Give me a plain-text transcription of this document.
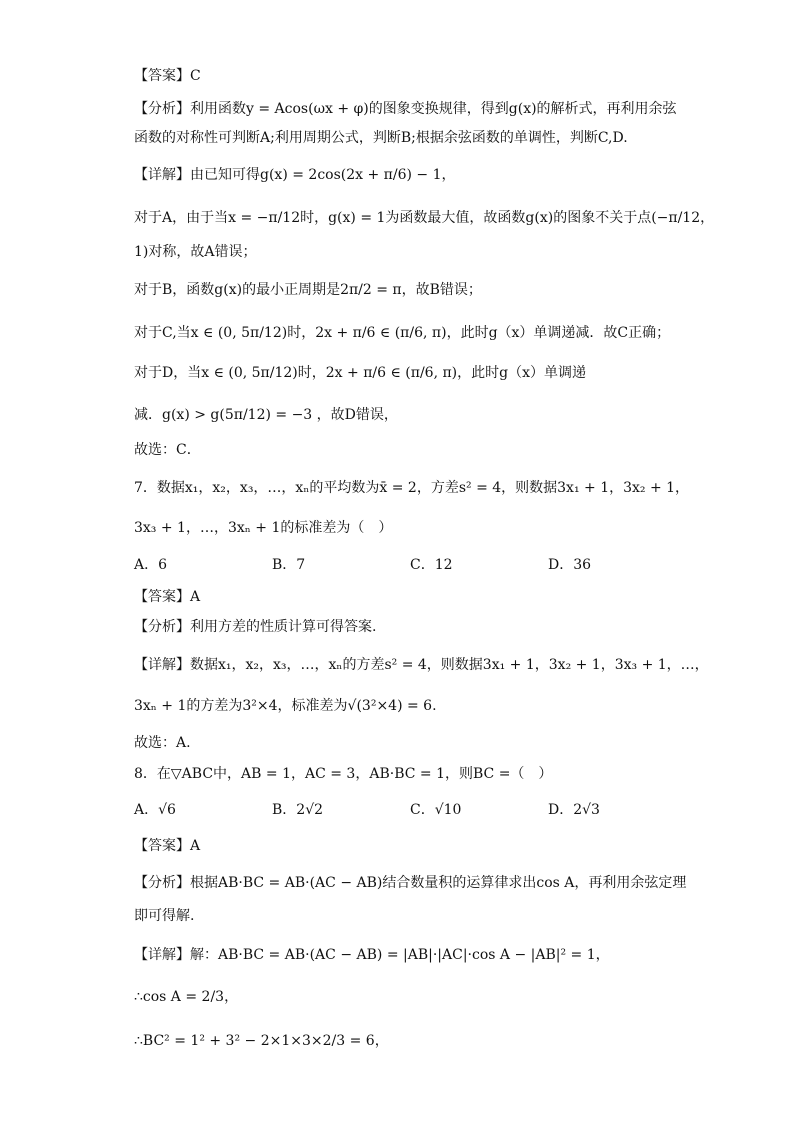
【答案】C
【分析】利用函数y = Acos(ωx + φ)的图象变换规律，得到g(x)的解析式，再利用余弦
函数的对称性可判断A;利用周期公式，判断B;根据余弦函数的单调性，判断C,D.
【详解】由已知可得g(x) = 2cos(2x + π/6) − 1，
对于A，由于当x = −π/12时，g(x) = 1为函数最大值，故函数g(x)的图象不关于点(−π/12，
1)对称，故A错误；
对于B，函数g(x)的最小正周期是2π/2 = π，故B错误；
对于C,当x ∈ (0, 5π/12)时，2x + π/6 ∈ (π/6, π)，此时g（x）单调递减．故C正确；
对于D，当x ∈ (0, 5π/12)时，2x + π/6 ∈ (π/6, π)，此时g（x）单调递
减．g(x) > g(5π/12) = −3 ，故D错误，
故选：C．
7．数据x₁，x₂，x₃，…，xₙ的平均数为x̄ = 2，方差s² = 4，则数据3x₁ + 1，3x₂ + 1，
3x₃ + 1，…，3xₙ + 1的标准差为（　）
A．6	B．7	C．12	D．36
【答案】A
【分析】利用方差的性质计算可得答案.
【详解】数据x₁，x₂，x₃，…，xₙ的方差s² = 4，则数据3x₁ + 1，3x₂ + 1，3x₃ + 1，…，
3xₙ + 1的方差为3²×4，标准差为√(3²×4) = 6.
故选：A.
8．在▽ABC中，AB = 1，AC = 3，AB·BC = 1，则BC =（　）
A．√6	B．2√2	C．√10	D．2√3
【答案】A
【分析】根据AB·BC = AB·(AC − AB)结合数量积的运算律求出cos A，再利用余弦定理
即可得解.
【详解】解：AB·BC = AB·(AC − AB) = |AB|·|AC|·cos A − |AB|² = 1，
∴cos A = 2/3，
∴BC² = 1² + 3² − 2×1×3×2/3 = 6，
